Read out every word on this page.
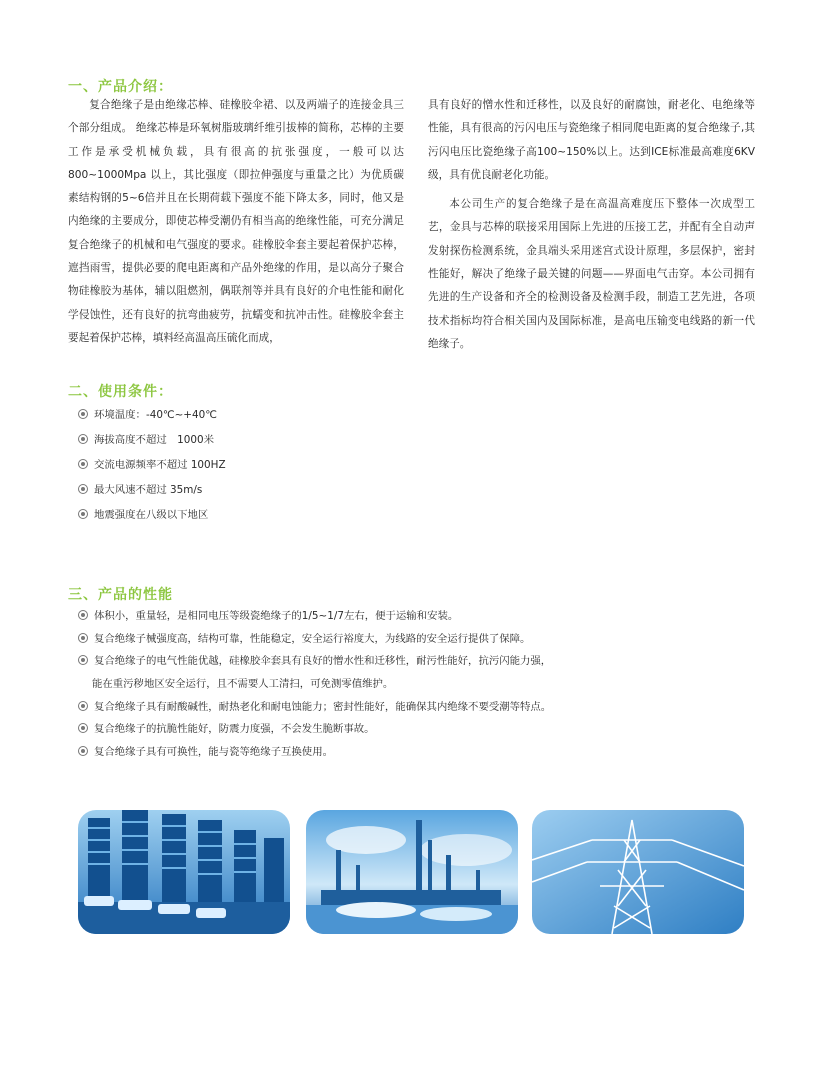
一、产品介绍：

复合绝缘子是由绝缘芯棒、硅橡胶伞裙、以及两端子的连接金具三个部分组成。 绝缘芯棒是环氧树脂玻璃纤维引拔棒的简称，芯棒的主要工作是承受机械负载，具有很高的抗张强度，一般可以达800~1000Mpa 以上，其比强度（即拉伸强度与重量之比）为优质碳素结构钢的5~6倍并且在长期荷载下强度不能下降太多，同时，他又是内绝缘的主要成分，即使芯棒受潮仍有相当高的绝缘性能，可充分满足复合绝缘子的机械和电气强度的要求。硅橡胶伞套主要起着保护芯棒，遮挡雨雪，提供必要的爬电距离和产品外绝缘的作用，是以高分子聚合物硅橡胶为基体，辅以阻燃剂，偶联剂等并具有良好的介电性能和耐化学侵蚀性，还有良好的抗弯曲疲劳，抗蠕变和抗冲击性。硅橡胶伞套主要起着保护芯棒，填料经高温高压硫化而成，

具有良好的憎水性和迁移性，以及良好的耐腐蚀，耐老化、电绝缘等性能，具有很高的污闪电压与瓷绝缘子相同爬电距离的复合绝缘子,其污闪电压比瓷绝缘子高100~150%以上。达到ICE标准最高难度6KV级，具有优良耐老化功能。

本公司生产的复合绝缘子是在高温高难度压下整体一次成型工艺，金具与芯棒的联接采用国际上先进的压接工艺，并配有全自动声发射探伤检测系统，金具端头采用迷宫式设计原理，多层保护，密封性能好，解决了绝缘子最关键的问题——界面电气击穿。本公司拥有先进的生产设备和齐全的检测设备及检测手段，制造工艺先进，各项技术指标均符合相关国内及国际标准，是高电压输变电线路的新一代绝缘子。

二、使用条件：
环境温度：-40℃~+40℃
海拔高度不超过　1000米
交流电源频率不超过 100HZ
最大风速不超过 35m/s
地震强度在八级以下地区
三、产品的性能
体积小，重量轻，是相同电压等级瓷绝缘子的1/5~1/7左右，便于运输和安装。
复合绝缘子械强度高，结构可靠，性能稳定，安全运行裕度大，为线路的安全运行提供了保障。
复合绝缘子的电气性能优越，硅橡胶伞套具有良好的憎水性和迁移性，耐污性能好，抗污闪能力强，
能在重污秽地区安全运行，且不需要人工清扫，可免测零值维护。
复合绝缘子具有耐酸碱性，耐热老化和耐电蚀能力；密封性能好，能确保其内绝缘不要受潮等特点。
复合绝缘子的抗脆性能好，防震力度强，不会发生脆断事故。
复合绝缘子具有可换性，能与瓷等绝缘子互换使用。
